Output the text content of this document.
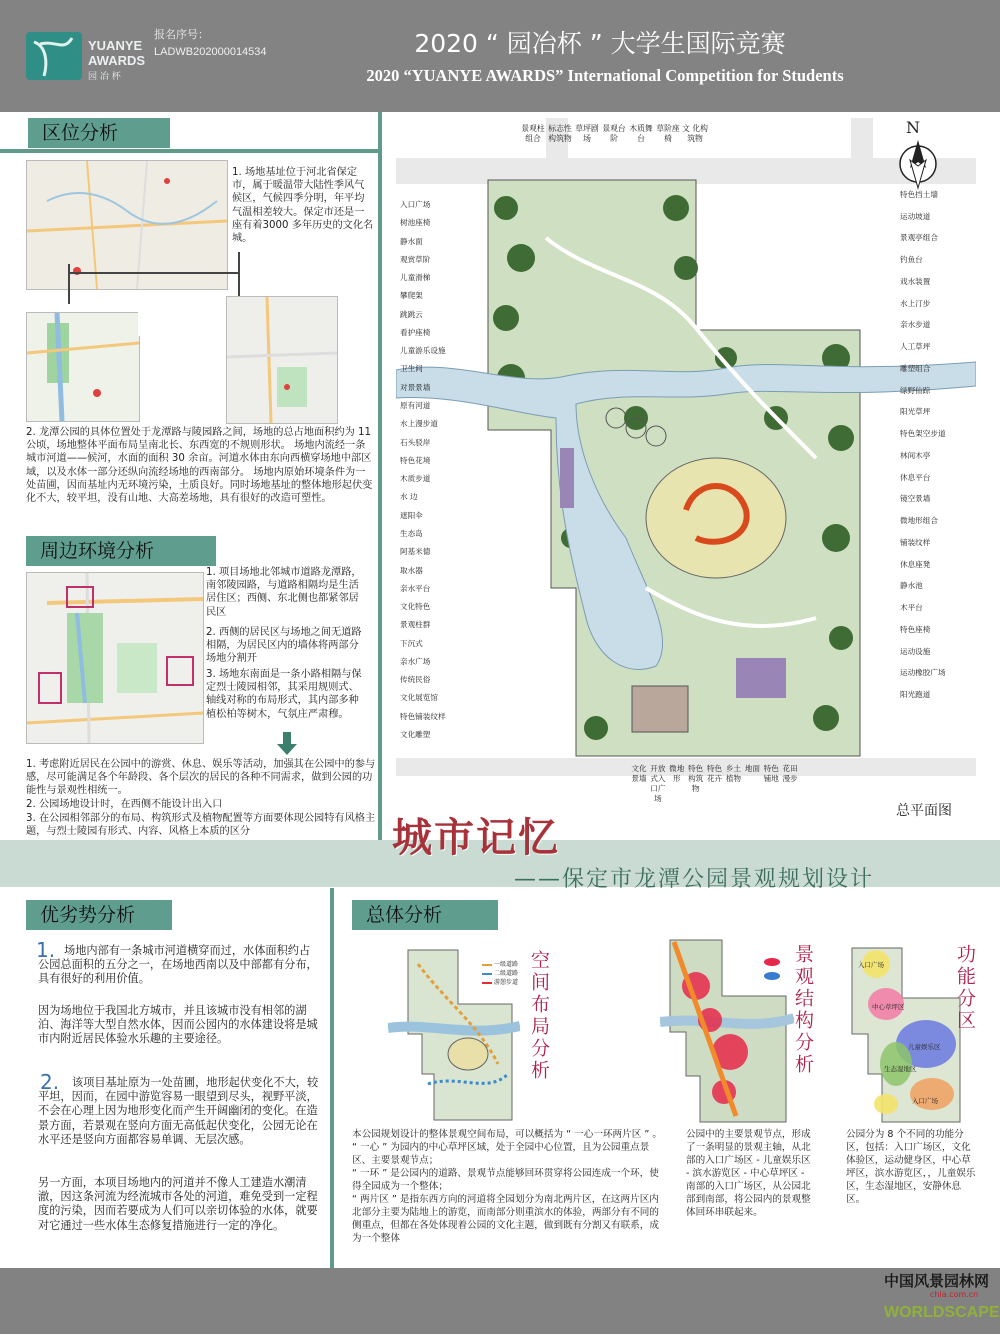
YUANYE
AWARDS
园 冶 杯
报名序号：
LADWB202000014534	2020 “ 园冶杯 ” 大学生国际竞赛
2020 “YUANYE AWARDS” International Competition for Students
区位分析
1. 场地基址位于河北省保定市，属于暖温带大陆性季风气候区，气候四季分明，年平均气温相差较大。保定市还是一座有着3000 多年历史的文化名城。
2. 龙潭公园的具体位置处于龙潭路与陵园路之间，场地的总占地面积约为 11 公顷，场地整体平面布局呈南北长、东西宽的不规则形状。 场地内流经一条城市河道——候河，水面的面积 30 余亩。河道水体由东向西横穿场地中部区域，以及水体一部分还纵向流经场地的西南部分。 场地内原始环境条件为一处苗圃，因而基址内无环境污染，土质良好。同时场地基址的整体地形起伏变化不大，较平坦，没有山地、大高差场地，具有很好的改造可塑性。
周边环境分析
1. 项目场地北邻城市道路龙潭路，南邻陵园路，与道路相隔均是生活居住区；西侧、东北侧也都紧邻居民区
2. 西侧的居民区与场地之间无道路相隔，为居民区内的墙体将两部分场地分割开
3. 场地东南面是一条小路相隔与保定烈士陵园相邻，其采用规则式、轴线对称的布局形式，其内部多种植松柏等树木，气氛庄严肃穆。
1. 考虑附近居民在公园中的游赏、休息、娱乐等活动，加强其在公园中的参与感，尽可能满足各个年龄段、各个层次的居民的各种不同需求，做到公园的功能性与景观性相统一。
2. 公园场地设计时，在西侧不能设计出入口
3. 在公园相邻部分的布局、构筑形式及植物配置等方面要体现公园特有风格主题，与烈士陵园有形式、内容、风格上本质的区分
N
总平面图
景观柱组合
标志性构筑物
草坪剧场
景观台阶
木质舞台
草阶座椅
文 化构筑物
入口广场
树池座椅
静水面
观赏草阶
儿童滑梯
攀爬架
跳跳云
看护座椅
儿童游乐设施
卫生间
对景景墙
原有河道
水上漫步道
石头驳岸
特色花境
木质步道
水 边
遮阳伞
生态岛
阿基米德
取水器
亲水平台
文化特色
景观柱群
下沉式
亲水广场
传统民俗
文化展览馆
特色铺装纹样
文化雕塑
特色挡土墙
运动坡道
景观亭组合
钓鱼台
戏水装置
水上汀步
亲水步道
人工草坪
雕塑组合
绿野仙踪
阳光草坪
特色架空步道
林间木亭
休息平台
镜空景墙
微地形组合
铺装纹样
休息座凳
静水池
木平台
特色座椅
运动设施
运动橡胶广场
阳光跑道
文化景墙
开放式入口广场
微地形
特色构筑物
特色花卉
乡土植物
地面 特色铺地
花田漫步
城市记忆
——保定市龙潭公园景观规划设计
优劣势分析
1. 场地内部有一条城市河道横穿而过，水体面积约占公园总面积的五分之一，在场地西南以及中部都有分布，具有很好的利用价值。
因为场地位于我国北方城市，并且该城市没有相邻的湖泊、海洋等大型自然水体，因而公园内的水体建设将是城市内附近居民体验水乐趣的主要途径。
2.	该项目基址原为一处苗圃，地形起伏变化不大，较平坦，因而，在园中游览容易一眼望到尽头，视野平淡，不会在心理上因为地形变化而产生开阔幽闭的变化。在造景方面，若景观在竖向方面无高低起伏变化，公园无论在水平还是竖向方面都容易单调、无层次感。
另一方面，本项目场地内的河道并不像人工建造水潮清澈，因这条河流为经流城市各处的河道，难免受到一定程度的污染，因而若要成为人们可以亲切体验的水体，就要对它通过一些水体生态修复措施进行一定的净化。
总体分析
一级道路
二级道路
游憩步道 空间布局分析	景观结构分析	入口广场
中心草坪区
儿童娱乐区
生态湿地区
入口广场
功能分区
本公园规划设计的整体景观空间布局，可以概括为 “ 一心一环两片区 ” 。
“ 一心 ” 为园内的中心草坪区域，处于全园中心位置，且为公园重点景区、主要景观节点；
“ 一环 ” 是公园内的道路、景观节点能够回环贯穿将公园连成一个环，使得全园成为一个整体；
“ 两片区 ” 是指东西方向的河道将全园划分为南北两片区，在这两片区内北部分主要为陆地上的游览，而南部分则重滨水的体验，两部分有不同的侧重点，但都在各处体现着公园的文化主题，做到既有分割又有联系，成为一个整体
公园中的主要景观节点，形成了一条明显的景观主轴，从北部的入口广场区 - 儿童娱乐区 - 滨水游览区 - 中心草坪区 - 南部的入口广场区，从公园北部到南部，将公园内的景观整体回环串联起来。
公园分为 8 个不同的功能分区，包括：入口广场区，文化体验区，运动健身区，中心草坪区，滨水游览区，，儿童娱乐区，生态湿地区，安静休息区。
中国风景园林网
chla.com.cn
WORLDSCAPE
